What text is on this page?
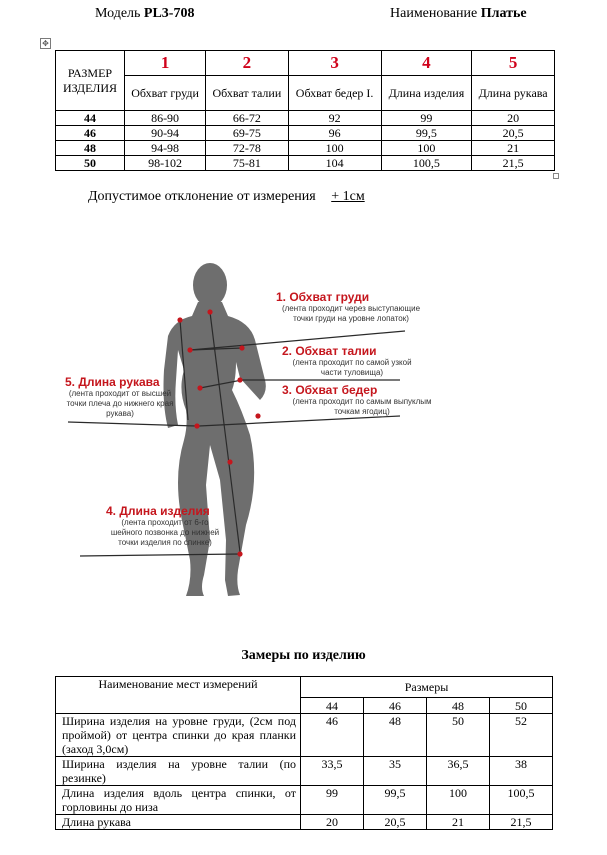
Модель PL3-708	Наименование Платье
✥
РАЗМЕР ИЗДЕЛИЯ	1	2	3	4	5
	Обхват груди	Обхват талии	Обхват бедер I.	Длина изделия	Длина рукава
44	86-90	66-72	92	99	20
46	90-94	69-75	96	99,5	20,5
48	94-98	72-78	100	100	21
50	98-102	75-81	104	100,5	21,5
Допустимое отклонение от измерения + 1см
1. Обхват груди
(лента проходит через выступающие точки груди на уровне лопаток)
2. Обхват талии
(лента проходит по самой узкой части туловища)
3. Обхват бедер
(лента проходит по самым выпуклым точкам ягодиц)
5. Длина рукава
(лента проходит от высшей точки плеча до нижнего края рукава)
4. Длина изделия
(лента проходит от 6-го шейного позвонка до нижней точки изделия по спинке)
Замеры по изделию
Наименование мест измерений	Размеры			
	44	46	48	50
Ширина изделия на уровне груди, (2см под проймой) от центра спинки до края планки (заход 3,0см)	46	48	50	52
Ширина изделия на уровне талии (по резинке)	33,5	35	36,5	38
Длина изделия вдоль центра спинки, от горловины до низа	99	99,5	100	100,5
Длина рукава	20	20,5	21	21,5
